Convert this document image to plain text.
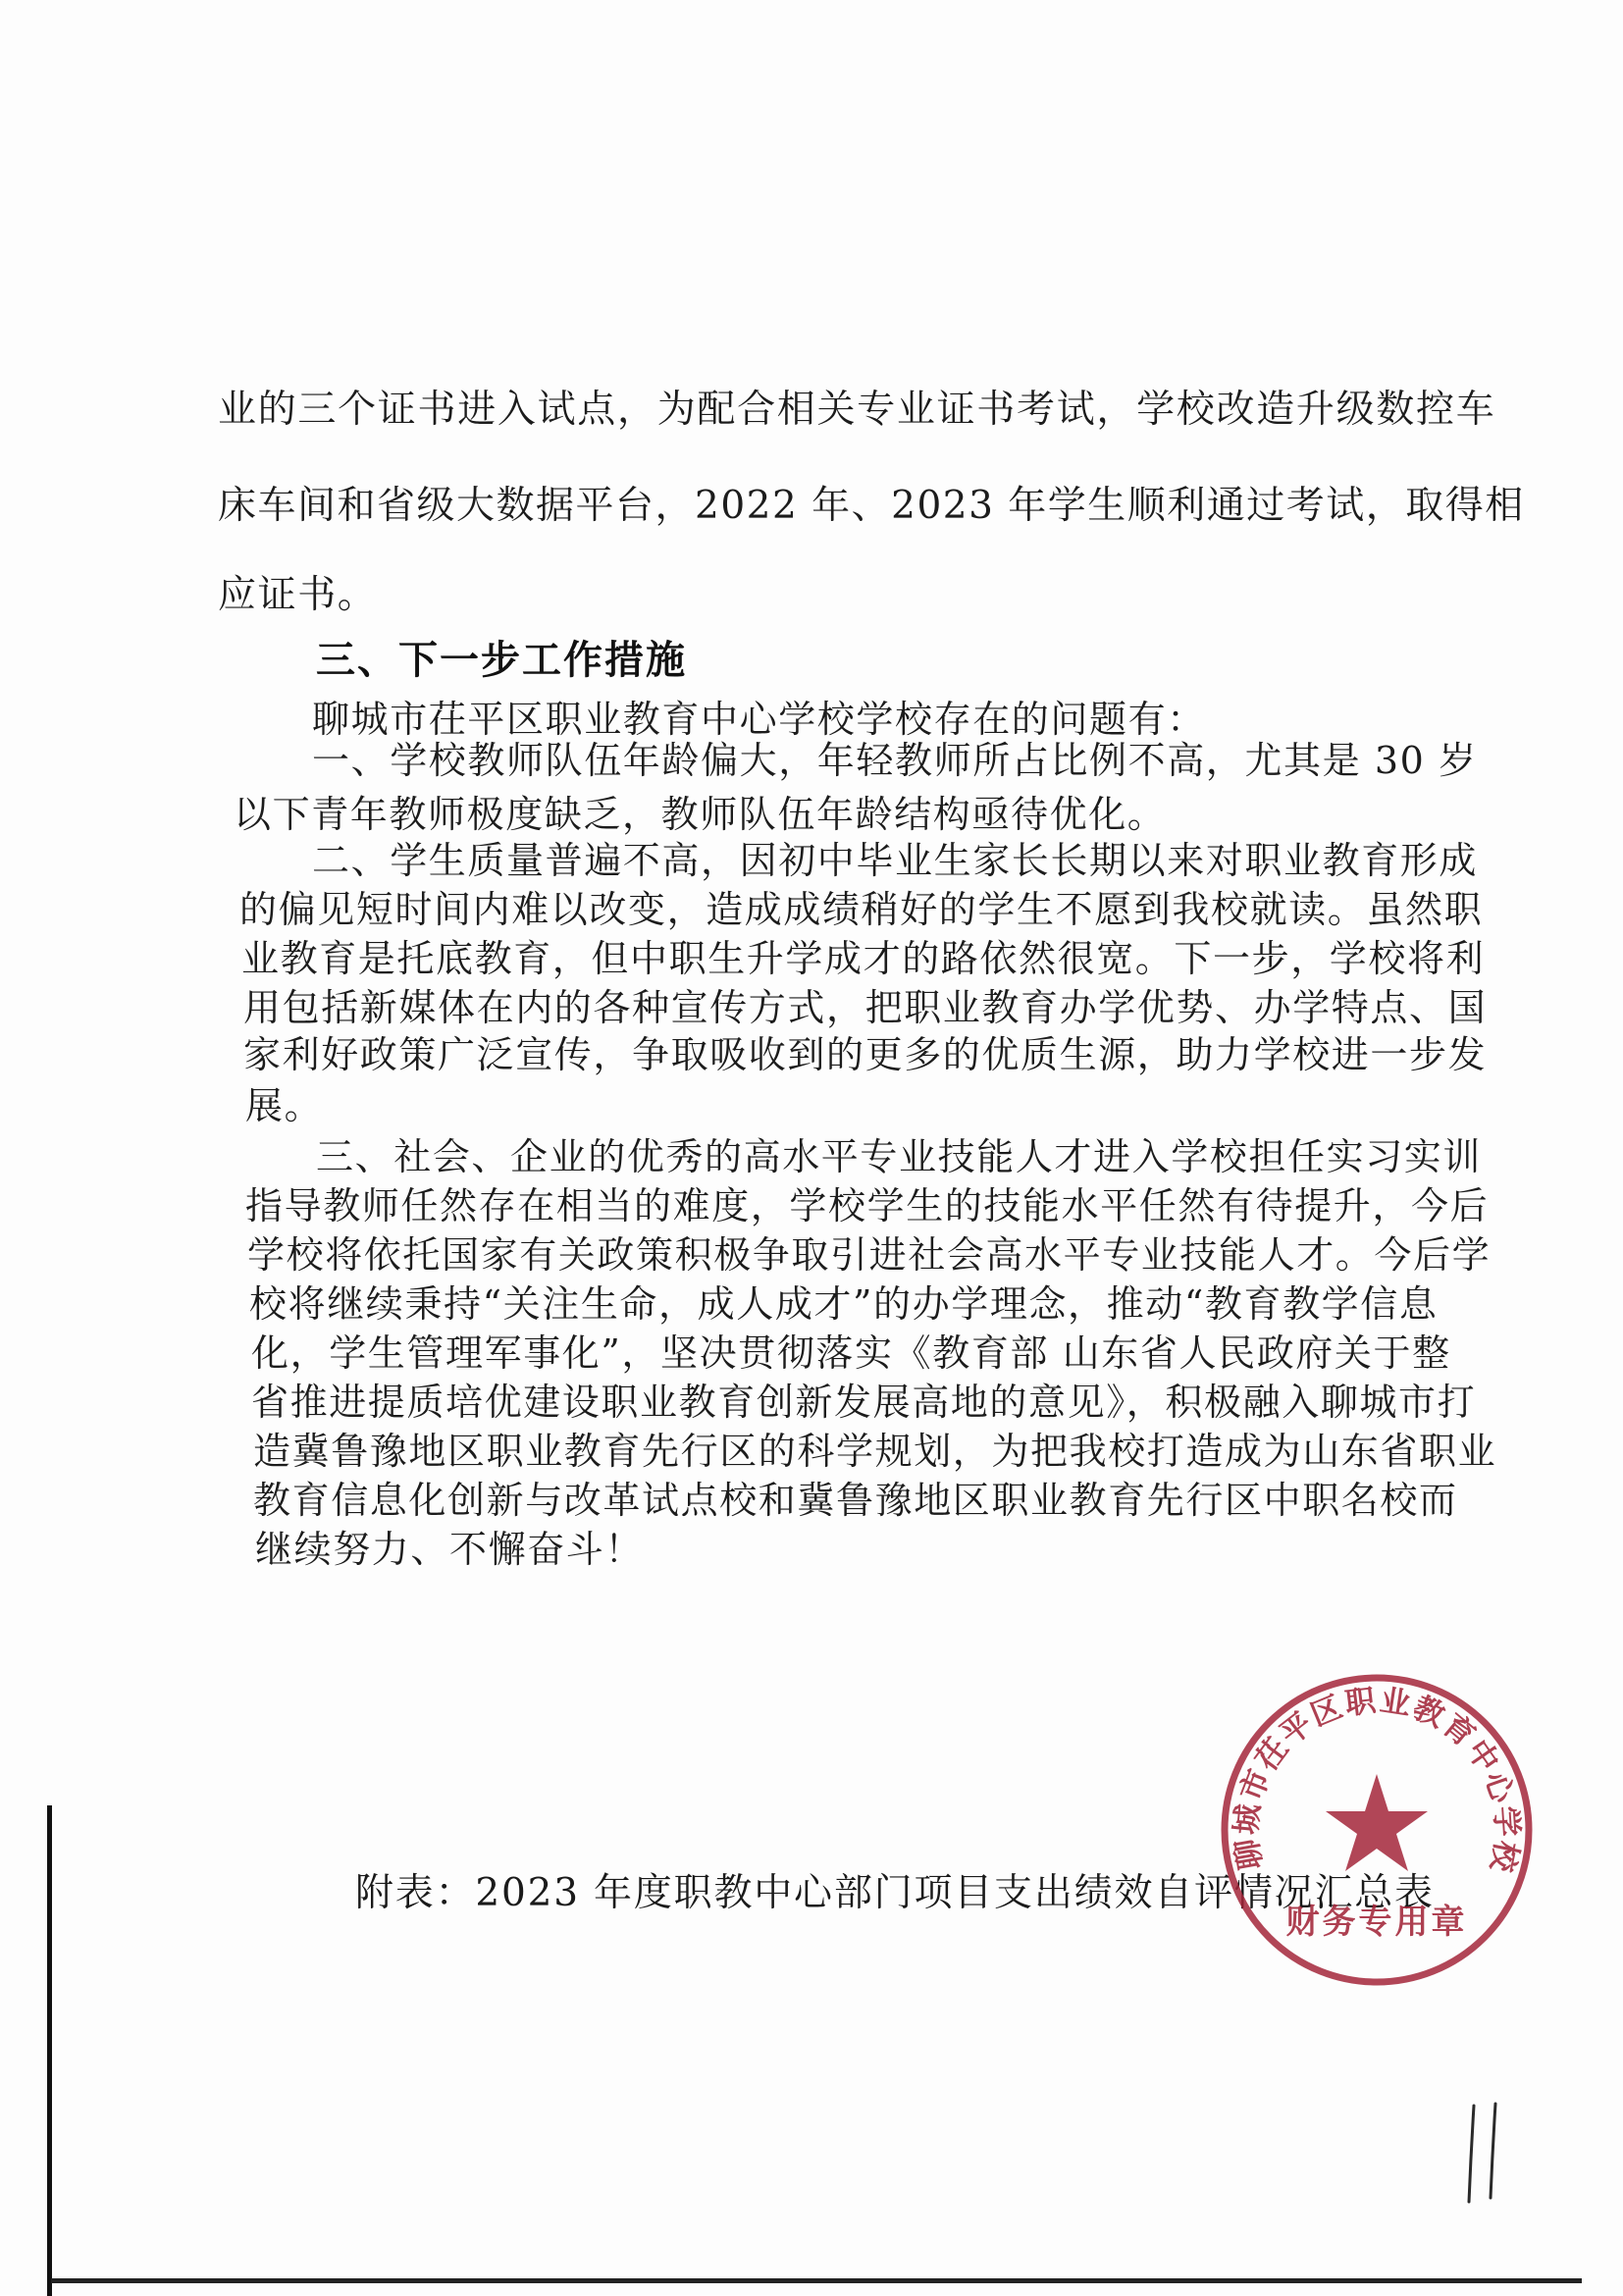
业的三个证书进入试点，为配合相关专业证书考试，学校改造升级数控车
床车间和省级大数据平台，2022 年、2023 年学生顺利通过考试，取得相
应证书。
三、下一步工作措施
聊城市茌平区职业教育中心学校学校存在的问题有：
一、学校教师队伍年龄偏大，年轻教师所占比例不高，尤其是 30 岁
以下青年教师极度缺乏，教师队伍年龄结构亟待优化。
二、学生质量普遍不高，因初中毕业生家长长期以来对职业教育形成
的偏见短时间内难以改变，造成成绩稍好的学生不愿到我校就读。虽然职
业教育是托底教育，但中职生升学成才的路依然很宽。下一步，学校将利
用包括新媒体在内的各种宣传方式，把职业教育办学优势、办学特点、国
家利好政策广泛宣传，争取吸收到的更多的优质生源，助力学校进一步发
展。
三、社会、企业的优秀的高水平专业技能人才进入学校担任实习实训
指导教师任然存在相当的难度，学校学生的技能水平任然有待提升，今后
学校将依托国家有关政策积极争取引进社会高水平专业技能人才。今后学
校将继续秉持“关注生命，成人成才”的办学理念，推动“教育教学信息
化，学生管理军事化”，坚决贯彻落实《教育部 山东省人民政府关于整
省推进提质培优建设职业教育创新发展高地的意见》，积极融入聊城市打
造冀鲁豫地区职业教育先行区的科学规划，为把我校打造成为山东省职业
教育信息化创新与改革试点校和冀鲁豫地区职业教育先行区中职名校而
继续努力、不懈奋斗！
附表：2023 年度职教中心部门项目支出绩效自评情况汇总表
聊城市茌平区职业教育中心学校
财务专用章
